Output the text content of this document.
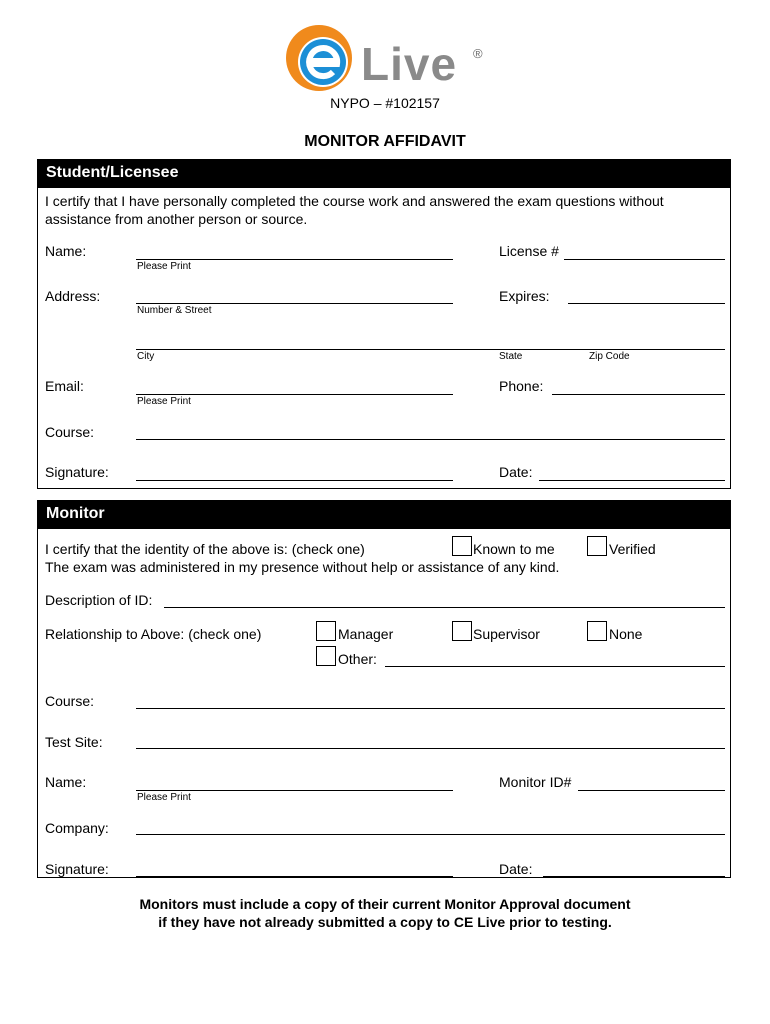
Live ®
NYPO – #102157
MONITOR AFFIDAVIT
Student/Licensee
I certify that I have personally completed the course work and answered the exam questions without
assistance from another person or source.
Name:
Please Print
License #
Address:
Number & Street
Expires:
City	State	Zip Code
Email:
Please Print
Phone:
Course:
Signature:	Date:
Monitor
I certify that the identity of the above is: (check one)	Known to me	Verified
The exam was administered in my presence without help or assistance of any kind.
Description of ID:
Relationship to Above: (check one)	Manager	Supervisor	None
Other:
Course:
Test Site:
Name:
Please Print
Monitor ID#
Company:
Signature:	Date:
Monitors must include a copy of their current Monitor Approval document
if they have not already submitted a copy to CE Live prior to testing.
